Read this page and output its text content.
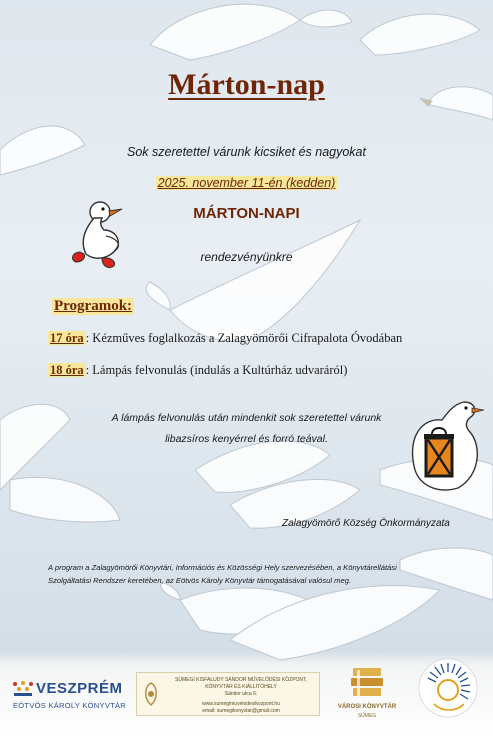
Márton-nap
Sok szeretettel várunk kicsiket és nagyokat
2025. november 11-én (kedden)
MÁRTON-NAPI
rendezvényünkre
Programok:
17 óra : Kézműves foglalkozás a Zalagyömörői Cifrapalota Óvodában
18 óra : Lámpás felvonulás (indulás a Kultúrház udvaráról)
A lámpás felvonulás után mindenkit sok szeretettel várunk
libazsíros kenyérrel és forró teával.
Zalagyömörő Község Önkormányzata
A program a Zalagyömörői Könyvtári, Információs és Közösségi Hely szervezésében, a Könyvtárellátási
Szolgáltatási Rendszer keretében, az Eötvös Károly Könyvtár támogatásával valósul meg.
VESZPRÉM
EÖTVÖS KÁROLY KÖNYVTÁR
SÜMEGI KISFALUDY SÁNDOR MŰVELŐDÉSI KÖZPONT,
KÖNYVTÁR ÉS KIÁLLÍTÓHELY
Sándor utca 6.
www.sumegimuvelodesikozpont.hu
email: sumegikonyvtar@gmail.com
VÁROSI KÖNYVTÁR
SÜMEG
